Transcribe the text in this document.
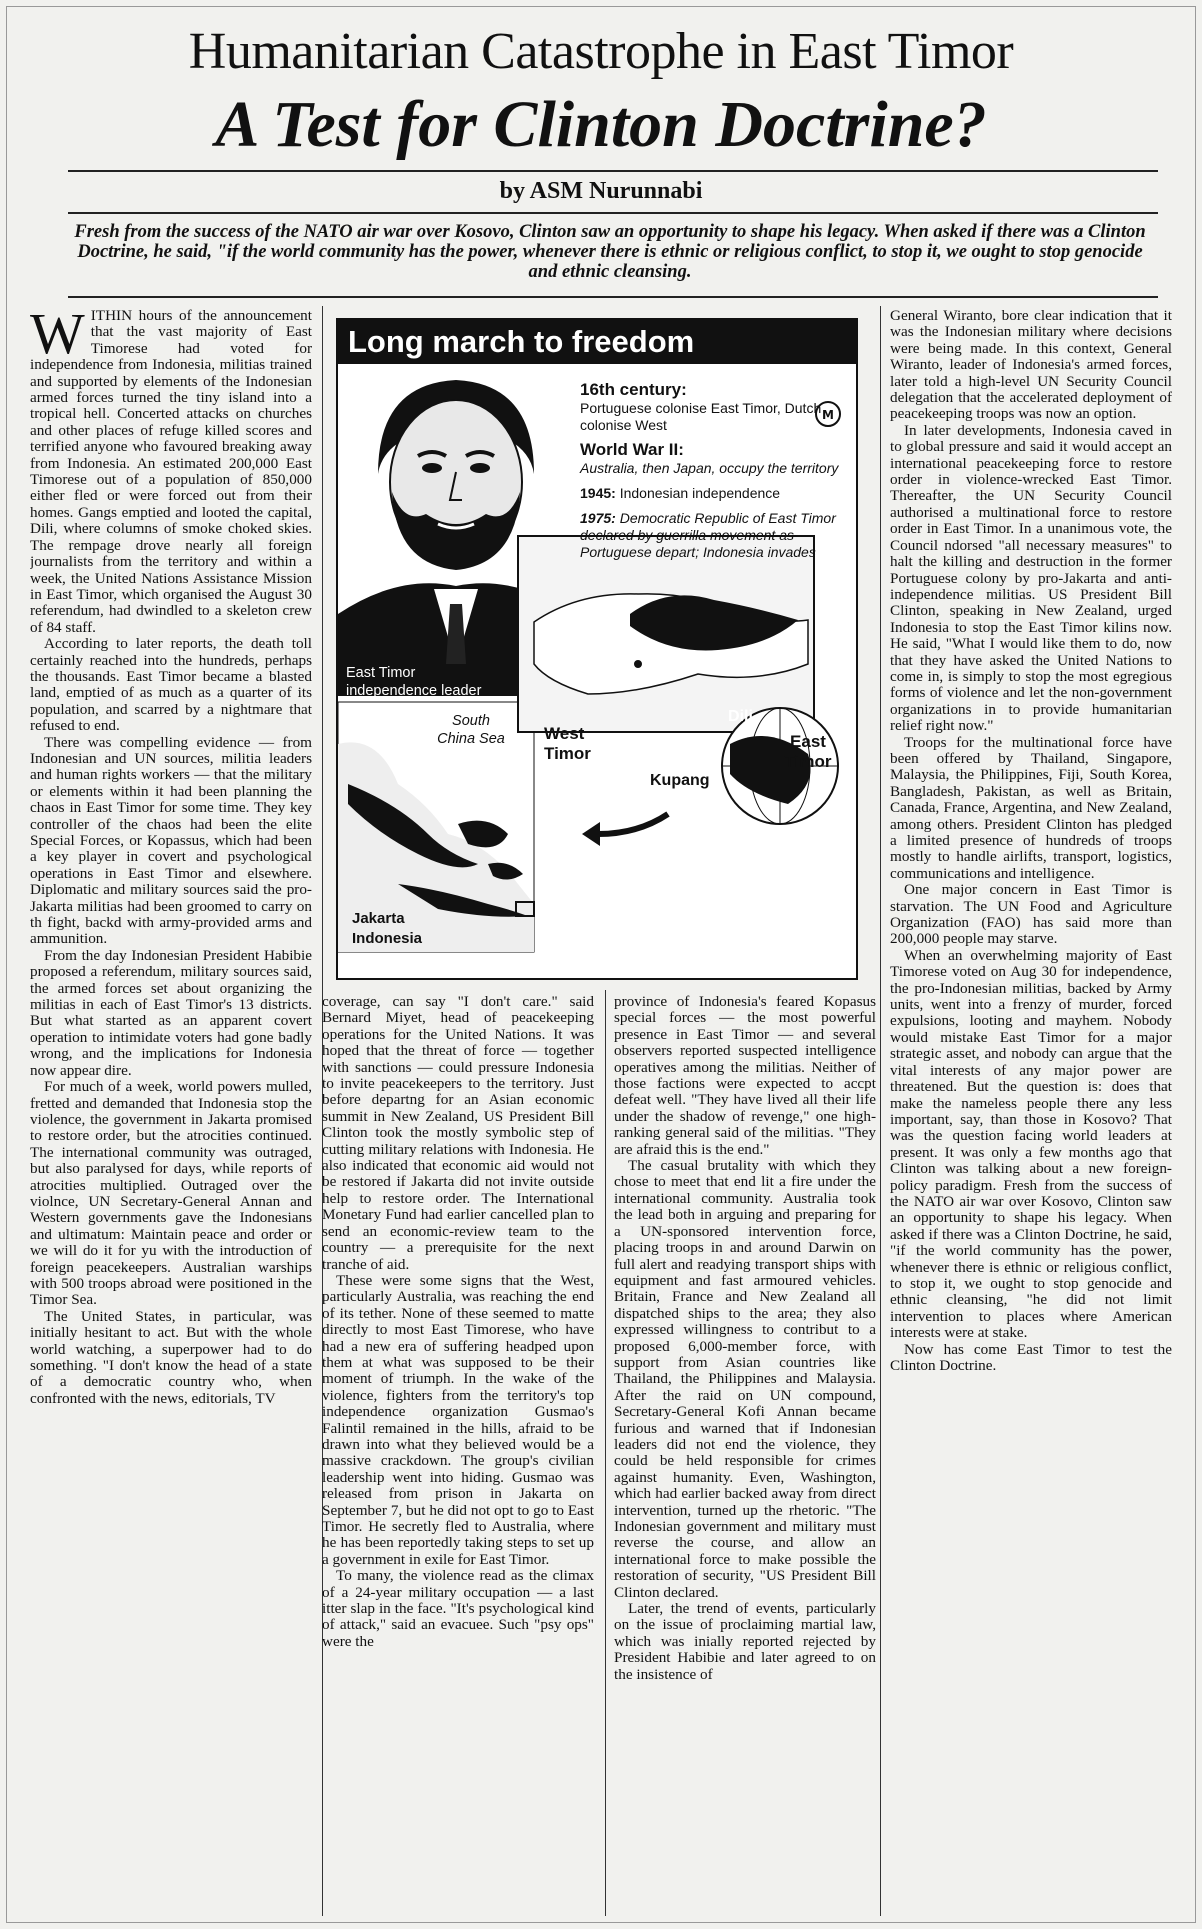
Humanitarian Catastrophe in East Timor
A Test for Clinton Doctrine?
by ASM Nurunnabi
Fresh from the success of the NATO air war over Kosovo, Clinton saw an opportunity to shape his legacy. When asked if there was a Clinton Doctrine, he said, "if the world community has the power, whenever there is ethnic or religious conflict, to stop it, we ought to stop genocide and ethnic cleansing.

WITHIN hours of the announcement that the vast majority of East Timorese had voted for independence from Indonesia, militias trained and supported by elements of the Indonesian armed forces turned the tiny island into a tropical hell. Concerted attacks on churches and other places of refuge killed scores and terrified anyone who favoured breaking away from Indonesia. An estimated 200,000 East Timorese out of a population of 850,000 either fled or were forced out from their homes. Gangs emptied and looted the capital, Dili, where columns of smoke choked skies. The rempage drove nearly all foreign journalists from the territory and within a week, the United Nations Assistance Mission in East Timor, which organised the August 30 referendum, had dwindled to a skeleton crew of 84 staff.

According to later reports, the death toll certainly reached into the hundreds, perhaps the thousands. East Timor became a blasted land, emptied of as much as a quarter of its population, and scarred by a nightmare that refused to end.

There was compelling evidence — from Indonesian and UN sources, militia leaders and human rights workers — that the military or elements within it had been planning the chaos in East Timor for some time. They key controller of the chaos had been the elite Special Forces, or Kopassus, which had been a key player in covert and psychological operations in East Timor and elsewhere. Diplomatic and military sources said the pro-Jakarta militias had been groomed to carry on th fight, backd with army-provided arms and ammunition.

From the day Indonesian President Habibie proposed a referendum, military sources said, the armed forces set about organizing the militias in each of East Timor's 13 districts. But what started as an apparent covert operation to intimidate voters had gone badly wrong, and the implications for Indonesia now appear dire.

For much of a week, world powers mulled, fretted and demanded that Indonesia stop the violence, the government in Jakarta promised to restore order, but the atrocities continued. The international community was outraged, but also paralysed for days, while reports of atrocities multiplied. Outraged over the violnce, UN Secretary-General Annan and Western governments gave the Indonesians and ultimatum: Maintain peace and order or we will do it for yu with the introduction of foreign peacekeepers. Australian warships with 500 troops abroad were positioned in the Timor Sea.

The United States, in particular, was initially hesitant to act. But with the whole world watching, a superpower had to do something. "I don't know the head of a state of a democratic country who, when confronted with the news, editorials, TV

Long march to freedom
M
16th century:
Portuguese colonise East Timor, Dutch colonise West
World War II:
Australia, then Japan, occupy the territory
1945: Indonesian independence
1975: Democratic Republic of East Timor declared by guerrilla movement as Portuguese depart; Indonesia invades
East Timor independence leader Xanana Gusmao
South China Sea
Jakarta
Indonesia
West Timor
East Timor
Dili
Kupang

coverage, can say "I don't care." said Bernard Miyet, head of peacekeeping operations for the United Nations. It was hoped that the threat of force — together with sanctions — could pressure Indonesia to invite peacekeepers to the territory. Just before departng for an Asian economic summit in New Zealand, US President Bill Clinton took the mostly symbolic step of cutting military relations with Indonesia. He also indicated that economic aid would not be restored if Jakarta did not invite outside help to restore order. The International Monetary Fund had earlier cancelled plan to send an economic-review team to the country — a prerequisite for the next tranche of aid.

These were some signs that the West, particularly Australia, was reaching the end of its tether. None of these seemed to matte directly to most East Timorese, who have had a new era of suffering headped upon them at what was supposed to be their moment of triumph. In the wake of the violence, fighters from the territory's top independence organization Gusmao's Falintil remained in the hills, afraid to be drawn into what they believed would be a massive crackdown. The group's civilian leadership went into hiding. Gusmao was released from prison in Jakarta on September 7, but he did not opt to go to East Timor. He secretly fled to Australia, where he has been reportedly taking steps to set up a government in exile for East Timor.

To many, the violence read as the climax of a 24-year military occupation — a last itter slap in the face. "It's psychological kind of attack," said an evacuee. Such "psy ops" were the

province of Indonesia's feared Kopasus special forces — the most powerful presence in East Timor — and several observers reported suspected intelligence operatives among the militias. Neither of those factions were expected to accpt defeat well. "They have lived all their life under the shadow of revenge," one high-ranking general said of the militias. "They are afraid this is the end."

The casual brutality with which they chose to meet that end lit a fire under the international community. Australia took the lead both in arguing and preparing for a UN-sponsored intervention force, placing troops in and around Darwin on full alert and readying transport ships with equipment and fast armoured vehicles. Britain, France and New Zealand all dispatched ships to the area; they also expressed willingness to contribut to a proposed 6,000-member force, with support from Asian countries like Thailand, the Philippines and Malaysia. After the raid on UN compound, Secretary-General Kofi Annan became furious and warned that if Indonesian leaders did not end the violence, they could be held responsible for crimes against humanity. Even, Washington, which had earlier backed away from direct intervention, turned up the rhetoric. "The Indonesian government and military must reverse the course, and allow an international force to make possible the restoration of security, "US President Bill Clinton declared.

Later, the trend of events, particularly on the issue of proclaiming martial law, which was inially reported rejected by President Habibie and later agreed to on the insistence of

General Wiranto, bore clear indication that it was the Indonesian military where decisions were being made. In this context, General Wiranto, leader of Indonesia's armed forces, later told a high-level UN Security Council delegation that the accelerated deployment of peacekeeping troops was now an option.

In later developments, Indonesia caved in to global pressure and said it would accept an international peacekeeping force to restore order in violence-wrecked East Timor. Thereafter, the UN Security Council authorised a multinational force to restore order in East Timor. In a unanimous vote, the Council ndorsed "all necessary measures" to halt the killing and destruction in the former Portuguese colony by pro-Jakarta and anti-independence militias. US President Bill Clinton, speaking in New Zealand, urged Indonesia to stop the East Timor kilins now. He said, "What I would like them to do, now that they have asked the United Nations to come in, is simply to stop the most egregious forms of violence and let the non-government organizations in to provide humanitarian relief right now."

Troops for the multinational force have been offered by Thailand, Singapore, Malaysia, the Philippines, Fiji, South Korea, Bangladesh, Pakistan, as well as Britain, Canada, France, Argentina, and New Zealand, among others. President Clinton has pledged a limited presence of hundreds of troops mostly to handle airlifts, transport, logistics, communications and intelligence.

One major concern in East Timor is starvation. The UN Food and Agriculture Organization (FAO) has said more than 200,000 people may starve.

When an overwhelming majority of East Timorese voted on Aug 30 for independence, the pro-Indonesian militias, backed by Army units, went into a frenzy of murder, forced expulsions, looting and mayhem. Nobody would mistake East Timor for a major strategic asset, and nobody can argue that the vital interests of any major power are threatened. But the question is: does that make the nameless people there any less important, say, than those in Kosovo? That was the question facing world leaders at present. It was only a few months ago that Clinton was talking about a new foreign-policy paradigm. Fresh from the success of the NATO air war over Kosovo, Clinton saw an opportunity to shape his legacy. When asked if there was a Clinton Doctrine, he said, "if the world community has the power, whenever there is ethnic or religious conflict, to stop it, we ought to stop genocide and ethnic cleansing, "he did not limit intervention to places where American interests were at stake.

Now has come East Timor to test the Clinton Doctrine.
